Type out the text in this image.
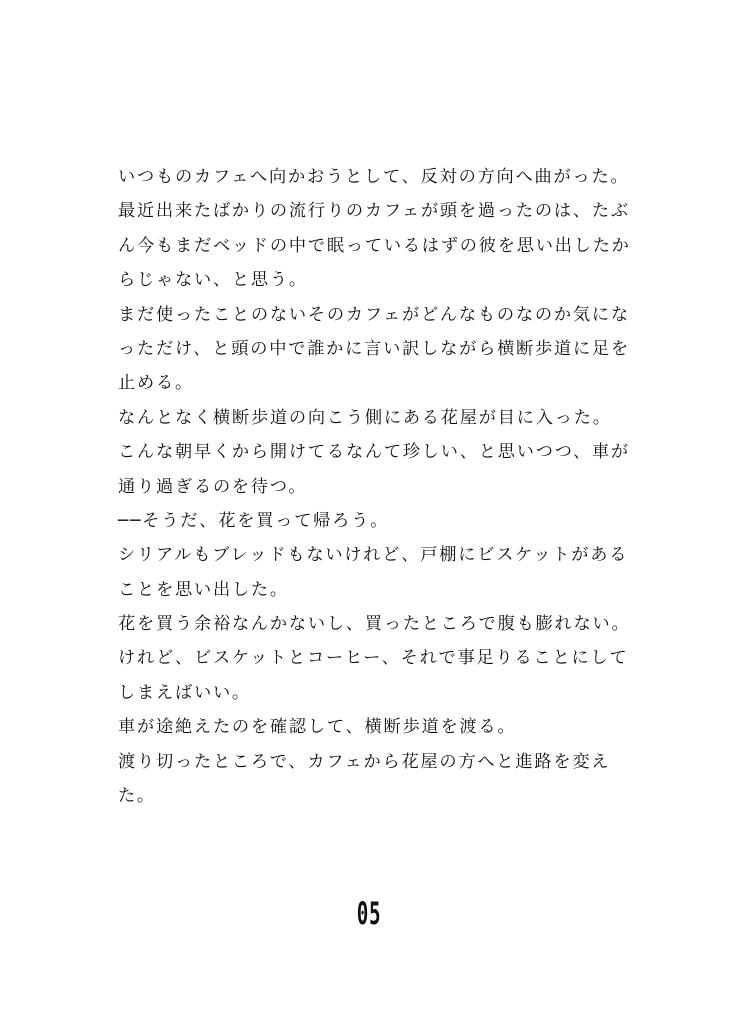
いつものカフェへ向かおうとして、反対の方向へ曲がった。
最近出来たばかりの流行りのカフェが頭を過ったのは、たぶ
ん今もまだベッドの中で眠っているはずの彼を思い出したか
らじゃない、と思う。
まだ使ったことのないそのカフェがどんなものなのか気にな
っただけ、と頭の中で誰かに言い訳しながら横断歩道に足を
止める。
なんとなく横断歩道の向こう側にある花屋が目に入った。
こんな朝早くから開けてるなんて珍しい、と思いつつ、車が
通り過ぎるのを待つ。
──そうだ、花を買って帰ろう。
シリアルもブレッドもないけれど、戸棚にビスケットがある
ことを思い出した。
花を買う余裕なんかないし、買ったところで腹も膨れない。
けれど、ビスケットとコーヒー、それで事足りることにして
しまえばいい。
車が途絶えたのを確認して、横断歩道を渡る。
渡り切ったところで、カフェから花屋の方へと進路を変え
た。
05
